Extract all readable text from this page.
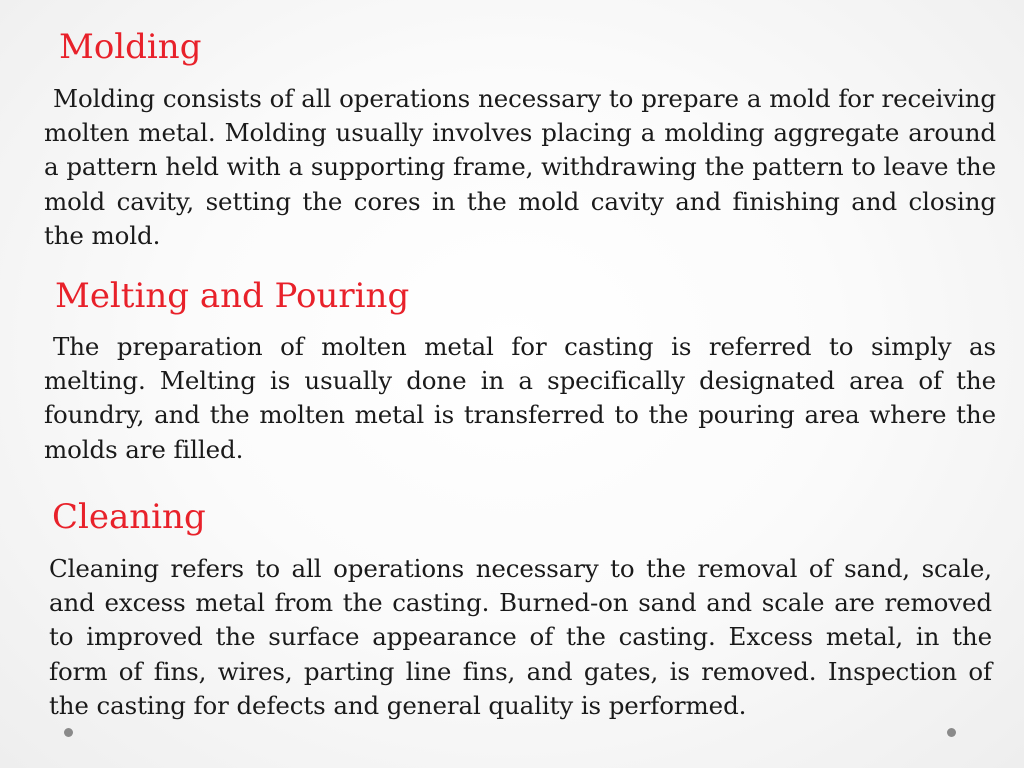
Molding

Molding consists of all operations necessary to prepare a mold for receiving molten metal. Molding usually involves placing a molding aggregate around a pattern held with a supporting frame, withdrawing the pattern to leave the mold cavity, setting the cores in the mold cavity and finishing and closing the mold.

Melting and Pouring

The preparation of molten metal for casting is referred to simply as melting. Melting is usually done in a specifically designated area of the foundry, and the molten metal is transferred to the pouring area where the molds are filled.

Cleaning

Cleaning refers to all operations necessary to the removal of sand, scale, and excess metal from the casting. Burned-on sand and scale are removed to improved the surface appearance of the casting. Excess metal, in the form of fins, wires, parting line fins, and gates, is removed. Inspection of the casting for defects and general quality is performed.
